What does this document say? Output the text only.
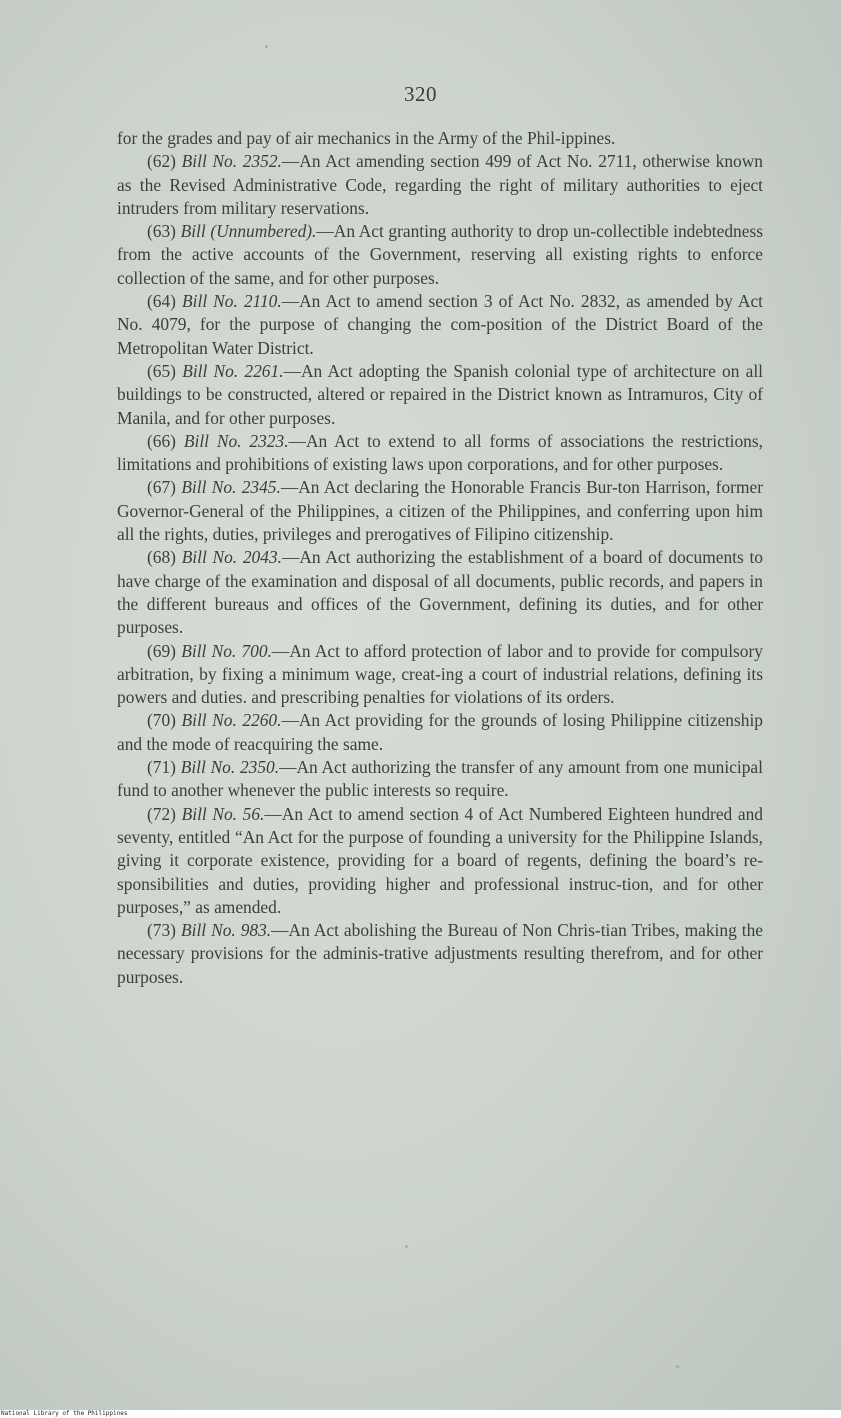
320

for the grades and pay of air mechanics in the Army of the Phil-ippines.

(62) Bill No. 2352.—An Act amending section 499 of Act No. 2711, otherwise known as the Revised Administrative Code, regarding the right of military authorities to eject intruders from military reservations.

(63) Bill (Unnumbered).—An Act granting authority to drop un-collectible indebtedness from the active accounts of the Government, reserving all existing rights to enforce collection of the same, and for other purposes.

(64) Bill No. 2110.—An Act to amend section 3 of Act No. 2832, as amended by Act No. 4079, for the purpose of changing the com-position of the District Board of the Metropolitan Water District.

(65) Bill No. 2261.—An Act adopting the Spanish colonial type of architecture on all buildings to be constructed, altered or repaired in the District known as Intramuros, City of Manila, and for other purposes.

(66) Bill No. 2323.—An Act to extend to all forms of associations the restrictions, limitations and prohibitions of existing laws upon corporations, and for other purposes.

(67) Bill No. 2345.—An Act declaring the Honorable Francis Bur-ton Harrison, former Governor-General of the Philippines, a citizen of the Philippines, and conferring upon him all the rights, duties, privileges and prerogatives of Filipino citizenship.

(68) Bill No. 2043.—An Act authorizing the establishment of a board of documents to have charge of the examination and disposal of all documents, public records, and papers in the different bureaus and offices of the Government, defining its duties, and for other purposes.

(69) Bill No. 700.—An Act to afford protection of labor and to provide for compulsory arbitration, by fixing a minimum wage, creat-ing a court of industrial relations, defining its powers and duties. and prescribing penalties for violations of its orders.

(70) Bill No. 2260.—An Act providing for the grounds of losing Philippine citizenship and the mode of reacquiring the same.

(71) Bill No. 2350.—An Act authorizing the transfer of any amount from one municipal fund to another whenever the public interests so require.

(72) Bill No. 56.—An Act to amend section 4 of Act Numbered Eighteen hundred and seventy, entitled “An Act for the purpose of founding a university for the Philippine Islands, giving it corporate existence, providing for a board of regents, defining the board’s re-sponsibilities and duties, providing higher and professional instruc-tion, and for other purposes,” as amended.

(73) Bill No. 983.—An Act abolishing the Bureau of Non Chris-tian Tribes, making the necessary provisions for the adminis-trative adjustments resulting therefrom, and for other purposes.

National Library of the Philippines
